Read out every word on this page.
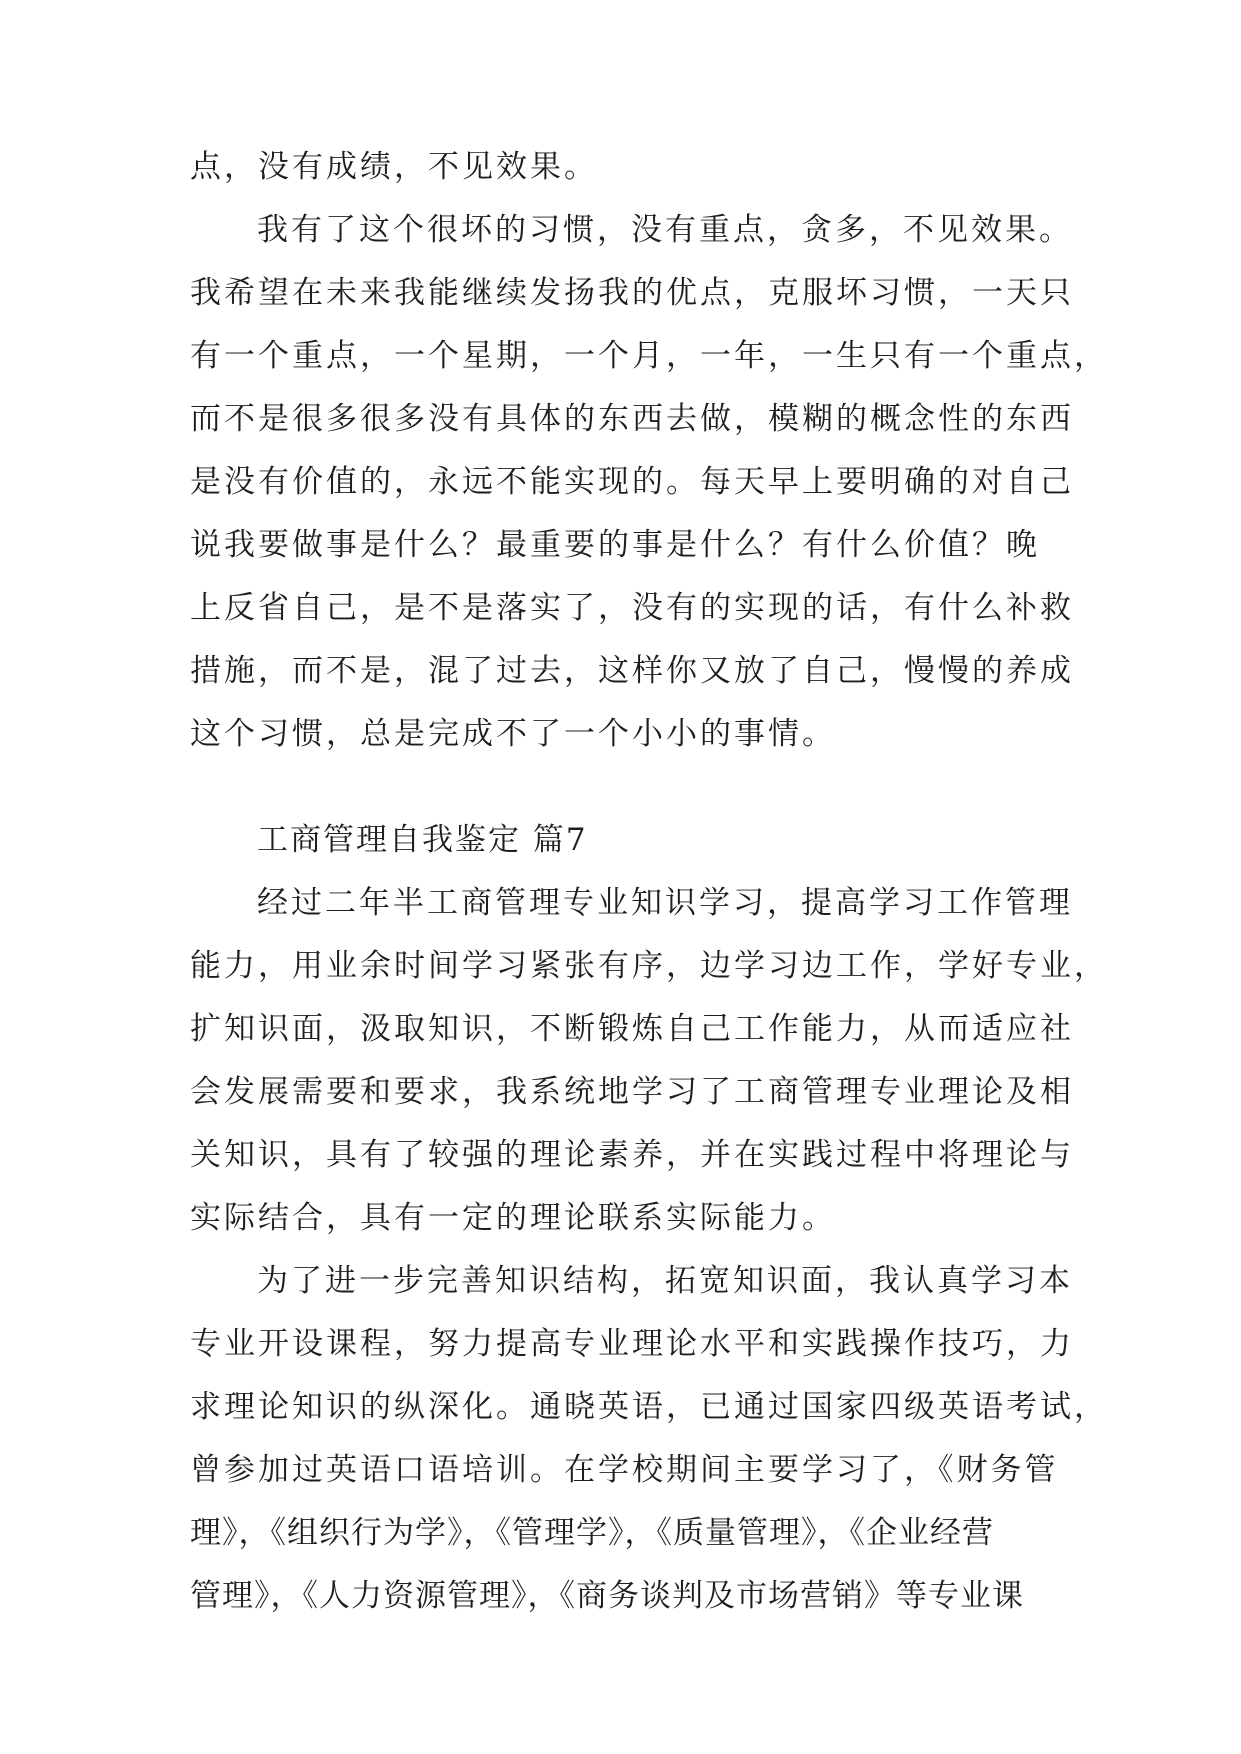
点，没有成绩，不见效果。
我有了这个很坏的习惯，没有重点，贪多，不见效果。
我希望在未来我能继续发扬我的优点，克服坏习惯，一天只
有一个重点，一个星期，一个月，一年，一生只有一个重点，
而不是很多很多没有具体的东西去做，模糊的概念性的东西
是没有价值的，永远不能实现的。每天早上要明确的对自己
说我要做事是什么？最重要的事是什么？有什么价值？晚
上反省自己，是不是落实了，没有的实现的话，有什么补救
措施，而不是，混了过去，这样你又放了自己，慢慢的养成
这个习惯，总是完成不了一个小小的事情。
工商管理自我鉴定 篇7
经过二年半工商管理专业知识学习，提高学习工作管理
能力，用业余时间学习紧张有序，边学习边工作，学好专业，
扩知识面，汲取知识，不断锻炼自己工作能力，从而适应社
会发展需要和要求，我系统地学习了工商管理专业理论及相
关知识，具有了较强的理论素养，并在实践过程中将理论与
实际结合，具有一定的理论联系实际能力。
为了进一步完善知识结构，拓宽知识面，我认真学习本
专业开设课程，努力提高专业理论水平和实践操作技巧，力
求理论知识的纵深化。通晓英语，已通过国家四级英语考试，
曾参加过英语口语培训。在学校期间主要学习了，《财务管
理》，《组织行为学》，《管理学》，《质量管理》，《企业经营
管理》，《人力资源管理》，《商务谈判及市场营销》等专业课
